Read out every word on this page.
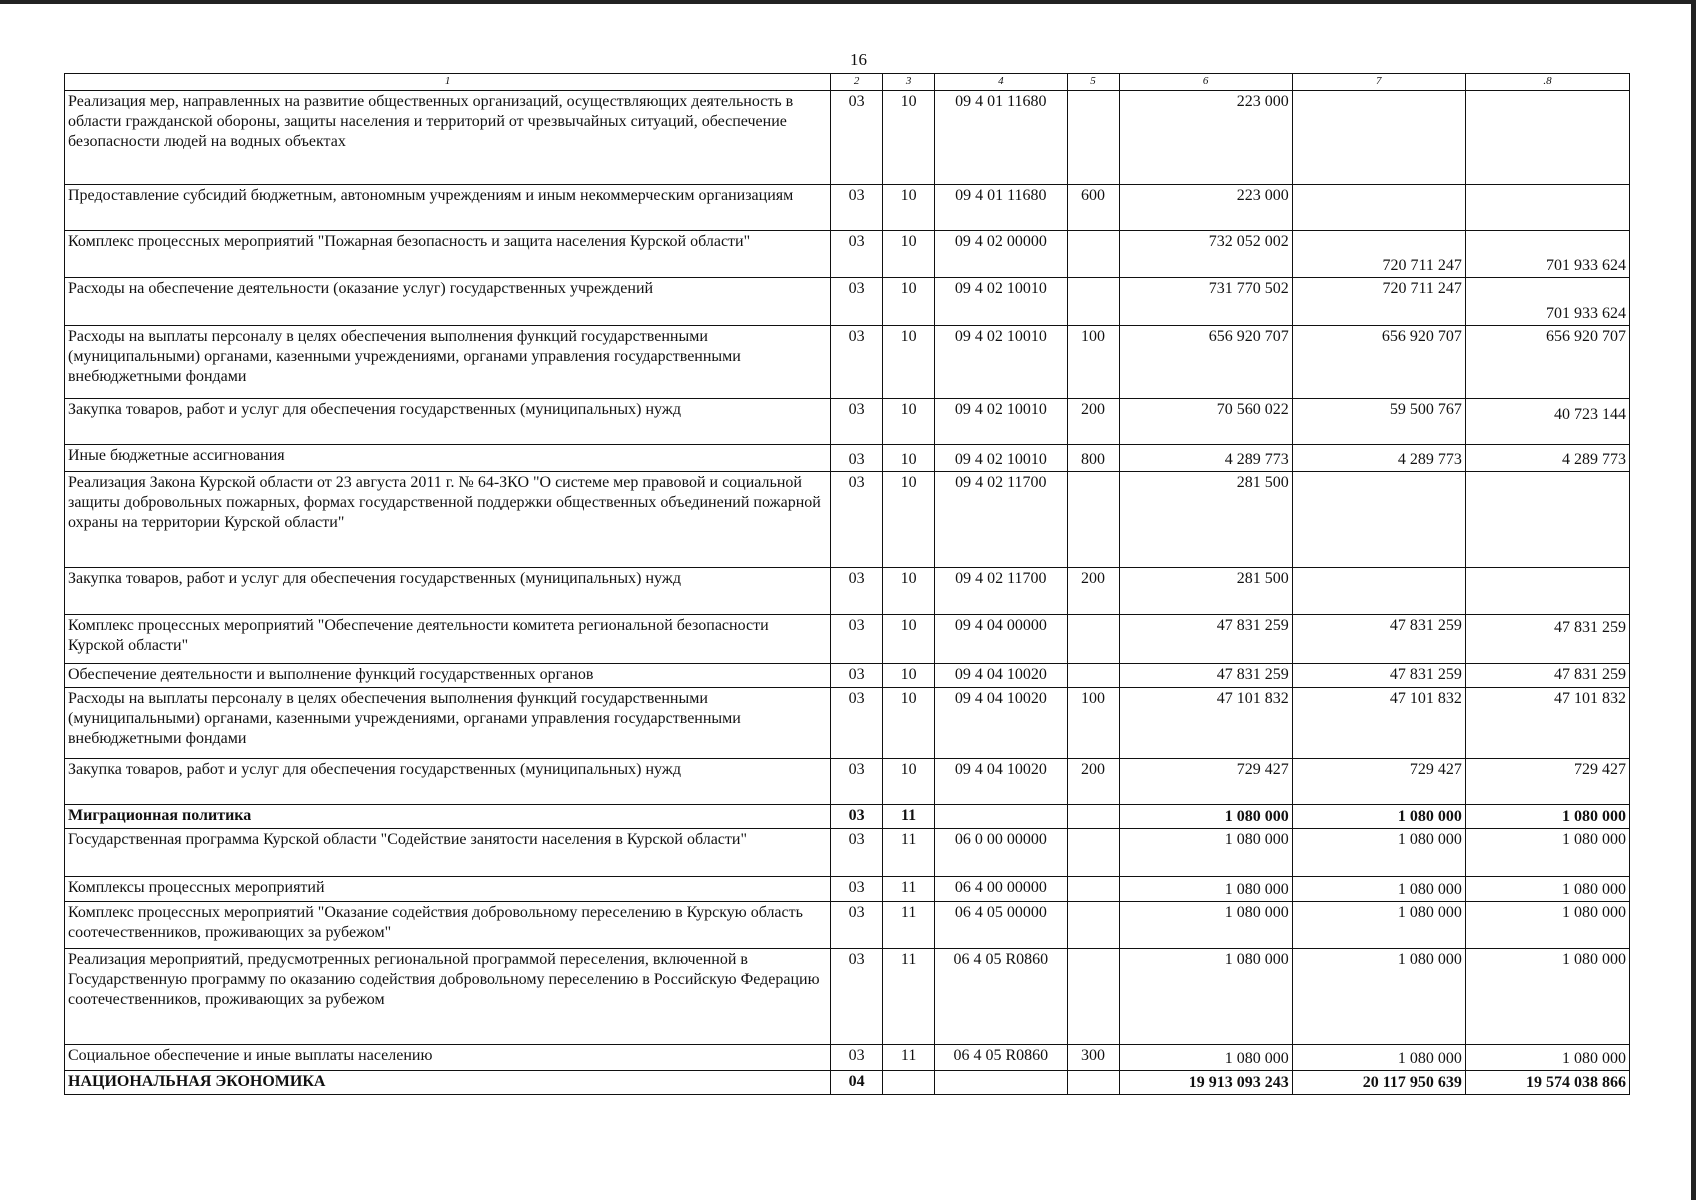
16
1	2	3	4	5	6	7	.8
Реализация мер, направленных на развитие общественных организаций, осуществляющих деятельность в области гражданской обороны, защиты населения и территорий от чрезвычайных ситуаций, обеспечение безопасности людей на водных объектах	03	10	09 4 01 11680		223 000		
Предоставление субсидий бюджетным, автономным учреждениям и иным некоммерческим организациям	03	10	09 4 01 11680	600	223 000		
Комплекс процессных мероприятий "Пожарная безопасность и защита населения Курской области"	03	10	09 4 02 00000		732 052 002	720 711 247	701 933 624
Расходы на обеспечение деятельности (оказание услуг) государственных учреждений	03	10	09 4 02 10010		731 770 502	720 711 247	701 933 624
Расходы на выплаты персоналу в целях обеспечения выполнения функций государственными (муниципальными) органами, казенными учреждениями, органами управления государственными внебюджетными фондами	03	10	09 4 02 10010	100	656 920 707	656 920 707	656 920 707
Закупка товаров, работ и услуг для обеспечения государственных (муниципальных) нужд	03	10	09 4 02 10010	200	70 560 022	59 500 767	40 723 144
Иные бюджетные ассигнования	03	10	09 4 02 10010	800	4 289 773	4 289 773	4 289 773
Реализация Закона Курской области от 23 августа 2011 г. № 64-ЗКО "О системе мер правовой и социальной защиты добровольных пожарных, формах государственной поддержки общественных объединений пожарной охраны на территории Курской области"	03	10	09 4 02 11700		281 500		
Закупка товаров, работ и услуг для обеспечения государственных (муниципальных) нужд	03	10	09 4 02 11700	200	281 500		
Комплекс процессных мероприятий "Обеспечение деятельности комитета региональной безопасности Курской области"	03	10	09 4 04 00000		47 831 259	47 831 259	47 831 259
Обеспечение деятельности и выполнение функций государственных органов	03	10	09 4 04 10020		47 831 259	47 831 259	47 831 259
Расходы на выплаты персоналу в целях обеспечения выполнения функций государственными (муниципальными) органами, казенными учреждениями, органами управления государственными внебюджетными фондами	03	10	09 4 04 10020	100	47 101 832	47 101 832	47 101 832
Закупка товаров, работ и услуг для обеспечения государственных (муниципальных) нужд	03	10	09 4 04 10020	200	729 427	729 427	729 427
Миграционная политика	03	11			1 080 000	1 080 000	1 080 000
Государственная программа Курской области "Содействие занятости населения в Курской области"	03	11	06 0 00 00000		1 080 000	1 080 000	1 080 000
Комплексы процессных мероприятий	03	11	06 4 00 00000		1 080 000	1 080 000	1 080 000
Комплекс процессных мероприятий "Оказание содействия добровольному переселению в Курскую область соотечественников, проживающих за рубежом"	03	11	06 4 05 00000		1 080 000	1 080 000	1 080 000
Реализация мероприятий, предусмотренных региональной программой переселения, включенной в Государственную программу по оказанию содействия добровольному переселению в Российскую Федерацию соотечественников, проживающих за рубежом	03	11	06 4 05 R0860		1 080 000	1 080 000	1 080 000
Социальное обеспечение и иные выплаты населению	03	11	06 4 05 R0860	300	1 080 000	1 080 000	1 080 000
НАЦИОНАЛЬНАЯ ЭКОНОМИКА	04				19 913 093 243	20 117 950 639	19 574 038 866
